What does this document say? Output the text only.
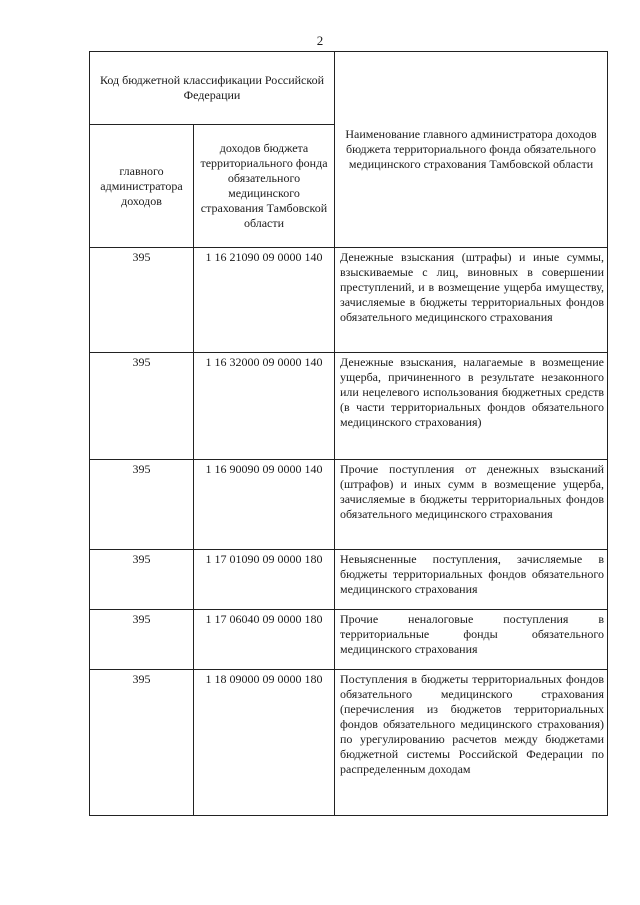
2
Код бюджетной классификации Российской Федерации		Наименование главного администратора доходов бюджета территориального фонда обязательного медицинского страхования Тамбовской области
главного администратора доходов	доходов бюджета территориального фонда обязательного медицинского страхования Тамбовской области	
395	1 16 21090 09 0000 140	Денежные взыскания (штрафы) и иные суммы, взыскиваемые с лиц, виновных в совершении преступлений, и в возмещение ущерба имуществу, зачисляемые в бюджеты территориальных фондов обязательного медицинского страхования
395	1 16 32000 09 0000 140	Денежные взыскания, налагаемые в возмещение ущерба, причиненного в результате незаконного или нецелевого использования бюджетных средств (в части территориальных фондов обязательного медицинского страхования)
395	1 16 90090 09 0000 140	Прочие поступления от денежных взысканий (штрафов) и иных сумм в возмещение ущерба, зачисляемые в бюджеты территориальных фондов обязательного медицинского страхования
395	1 17 01090 09 0000 180	Невыясненные поступления, зачисляемые в бюджеты территориальных фондов обязательного медицинского страхования
395	1 17 06040 09 0000 180	Прочие неналоговые поступления в территориальные фонды обязательного медицинского страхования
395	1 18 09000 09 0000 180	Поступления в бюджеты территориальных фондов обязательного медицинского страхования (перечисления из бюджетов территориальных фондов обязательного медицинского страхования) по урегулированию расчетов между бюджетами бюджетной системы Российской Федерации по распределенным доходам
